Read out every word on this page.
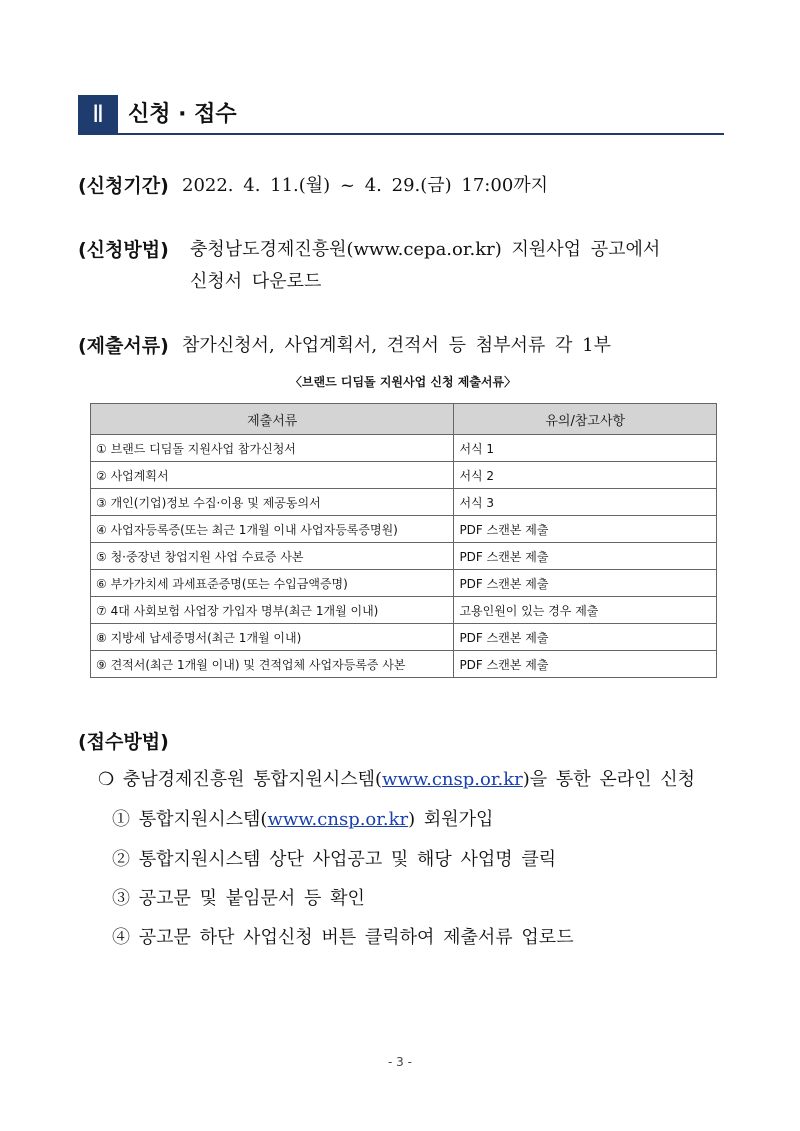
Ⅱ	신청 · 접수
(신청기간) 2022. 4. 11.(월) ~ 4. 29.(금) 17:00까지
(신청방법) 충청남도경제진흥원(www.cepa.or.kr) 지원사업 공고에서
신청서 다운로드
(제출서류) 참가신청서, 사업계획서, 견적서 등 첨부서류 각 1부
〈브랜드 디딤돌 지원사업 신청 제출서류〉
제출서류	유의/참고사항
① 브랜드 디딤돌 지원사업 참가신청서	서식 1
② 사업계획서	서식 2
③ 개인(기업)정보 수집·이용 및 제공동의서	서식 3
④ 사업자등록증(또는 최근 1개월 이내 사업자등록증명원)	PDF 스캔본 제출
⑤ 청·중장년 창업지원 사업 수료증 사본	PDF 스캔본 제출
⑥ 부가가치세 과세표준증명(또는 수입금액증명)	PDF 스캔본 제출
⑦ 4대 사회보험 사업장 가입자 명부(최근 1개월 이내)	고용인원이 있는 경우 제출
⑧ 지방세 납세증명서(최근 1개월 이내)	PDF 스캔본 제출
⑨ 견적서(최근 1개월 이내) 및 견적업체 사업자등록증 사본	PDF 스캔본 제출
(접수방법)
❍ 충남경제진흥원 통합지원시스템(www.cnsp.or.kr)을 통한 온라인 신청
① 통합지원시스템(www.cnsp.or.kr) 회원가입
② 통합지원시스템 상단 사업공고 및 해당 사업명 클릭
③ 공고문 및 붙임문서 등 확인
④ 공고문 하단 사업신청 버튼 클릭하여 제출서류 업로드
- 3 -
